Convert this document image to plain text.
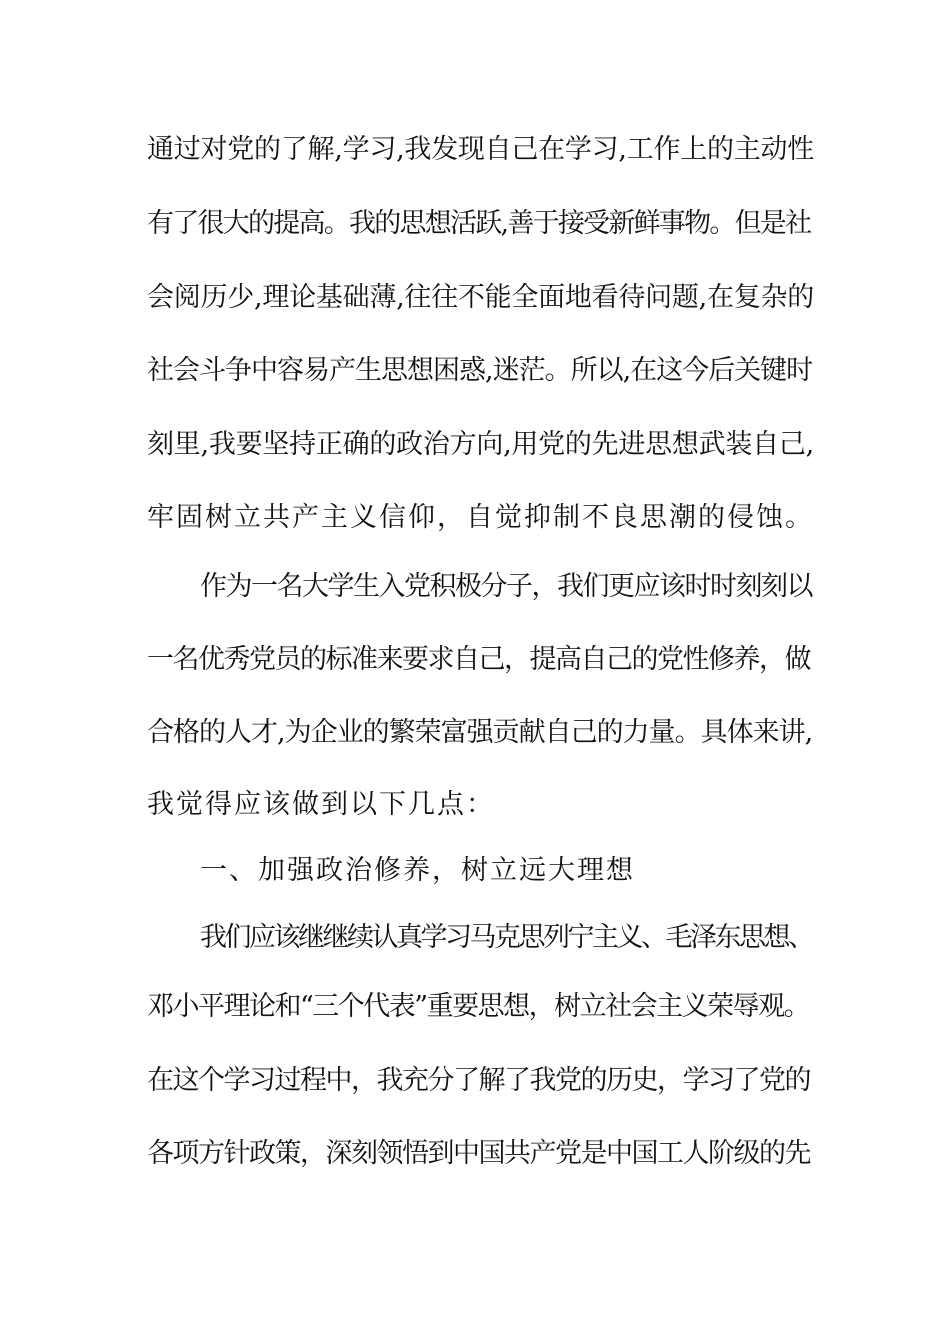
通过对党的了解,学习,我发现自己在学习,工作上的主动性
有了很大的提高。我的思想活跃,善于接受新鲜事物。但是社
会阅历少,理论基础薄,往往不能全面地看待问题,在复杂的
社会斗争中容易产生思想困惑,迷茫。所以,在这今后关键时
刻里,我要坚持正确的政治方向,用党的先进思想武装自己,
牢固树立共产主义信仰，自觉抑制不良思潮的侵蚀。
作为一名大学生入党积极分子，我们更应该时时刻刻以
一名优秀党员的标准来要求自己，提高自己的党性修养，做
合格的人才,为企业的繁荣富强贡献自己的力量。具体来讲,
我觉得应该做到以下几点：
一、加强政治修养，树立远大理想
我们应该继继续认真学习马克思列宁主义、毛泽东思想、
邓小平理论和“三个代表”重要思想，树立社会主义荣辱观。
在这个学习过程中，我充分了解了我党的历史，学习了党的
各项方针政策，深刻领悟到中国共产党是中国工人阶级的先
